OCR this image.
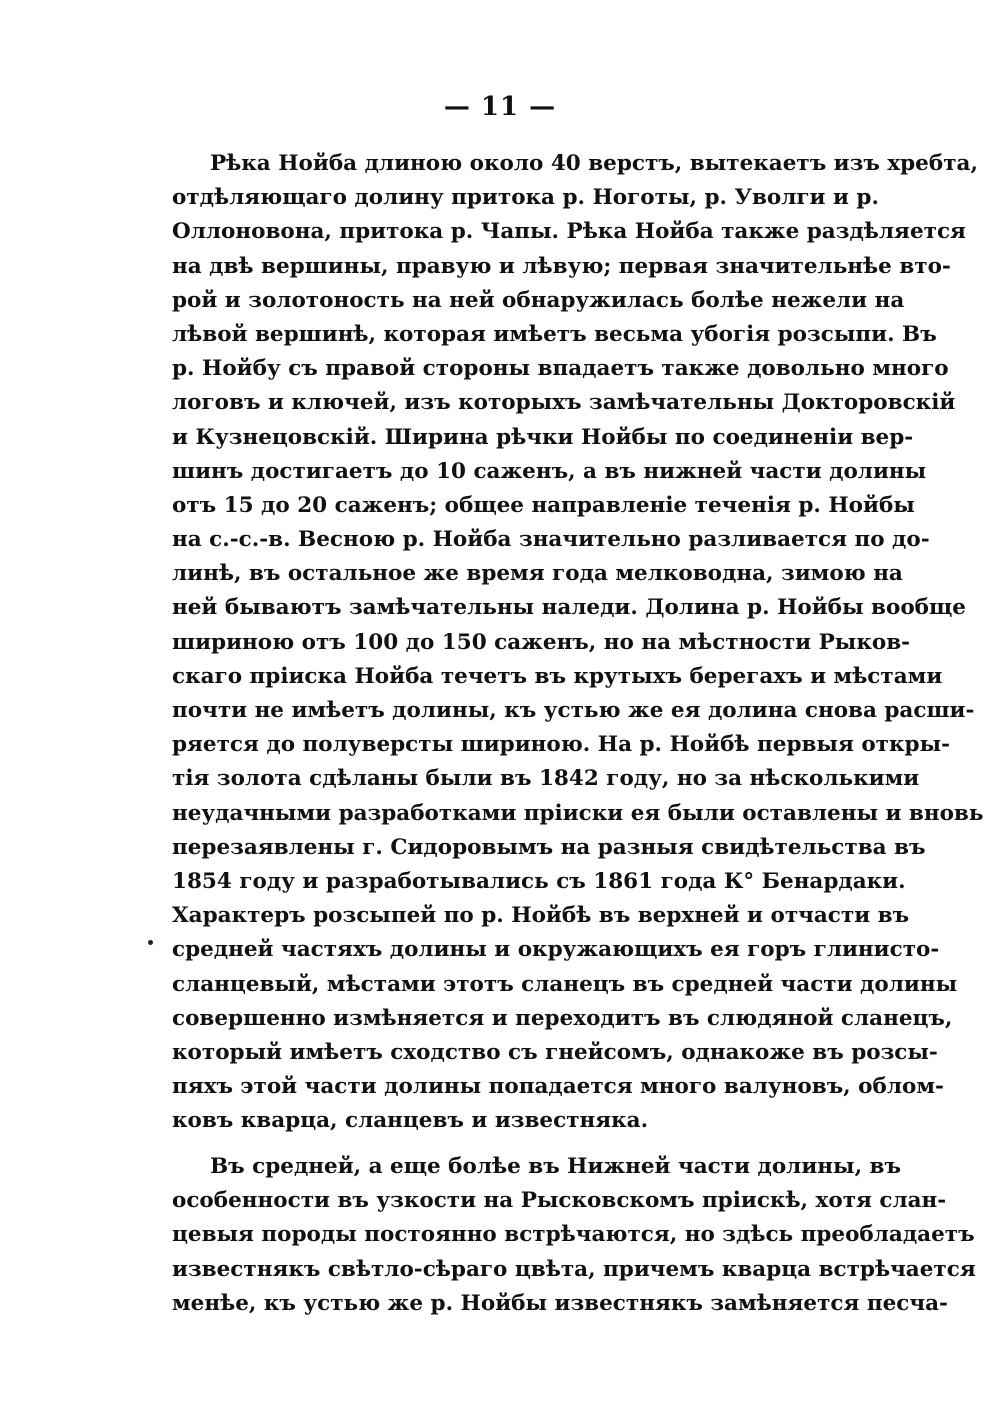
— 11 —
Рѣка Нойба длиною около 40 верстъ, вытекаетъ изъ хребта,
отдѣляющаго долину притока р. Ноготы, р. Уволги и р.
Оллоновона, притока р. Чапы. Рѣка Нойба также раздѣляется
на двѣ вершины, правую и лѣвую; первая значительнѣе вто-
рой и золотоность на ней обнаружилась болѣе нежели на
лѣвой вершинѣ, которая имѣетъ весьма убогія розсыпи. Въ
р. Нойбу съ правой стороны впадаетъ также довольно много
логовъ и ключей, изъ которыхъ замѣчательны Докторовскій
и Кузнецовскій. Ширина рѣчки Нойбы по соединеніи вер-
шинъ достигаетъ до 10 саженъ, а въ нижней части долины
отъ 15 до 20 саженъ; общее направленіе теченія р. Нойбы
на с.-с.-в. Весною р. Нойба значительно разливается по до-
линѣ, въ остальное же время года мелководна, зимою на
ней бываютъ замѣчательны наледи. Долина р. Нойбы вообще
шириною отъ 100 до 150 саженъ, но на мѣстности Рыков-
скаго пріиска Нойба течетъ въ крутыхъ берегахъ и мѣстами
почти не имѣетъ долины, къ устью же ея долина снова расши-
ряется до полуверсты шириною. На р. Нойбѣ первыя откры-
тія золота сдѣланы были въ 1842 году, но за нѣсколькими
неудачными разработками пріиски ея были оставлены и вновь
перезаявлены г. Сидоровымъ на разныя свидѣтельства въ
1854 году и разработывались съ 1861 года К° Бенардаки.
Характеръ розсыпей по р. Нойбѣ въ верхней и отчасти въ
средней частяхъ долины и окружающихъ ея горъ глинисто-
сланцевый, мѣстами этотъ сланецъ въ средней части долины
совершенно измѣняется и переходитъ въ слюдяной сланецъ,
который имѣетъ сходство съ гнейсомъ, однакоже въ розсы-
пяхъ этой части долины попадается много валуновъ, облом-
ковъ кварца, сланцевъ и известняка.
Въ средней, а еще болѣе въ Нижней части долины, въ
особенности въ узкости на Рысковскомъ пріискѣ, хотя слан-
цевыя породы постоянно встрѣчаются, но здѣсь преобладаетъ
известнякъ свѣтло-сѣраго цвѣта, причемъ кварца встрѣчается
менѣе, къ устью же р. Нойбы известнякъ замѣняется песча-
